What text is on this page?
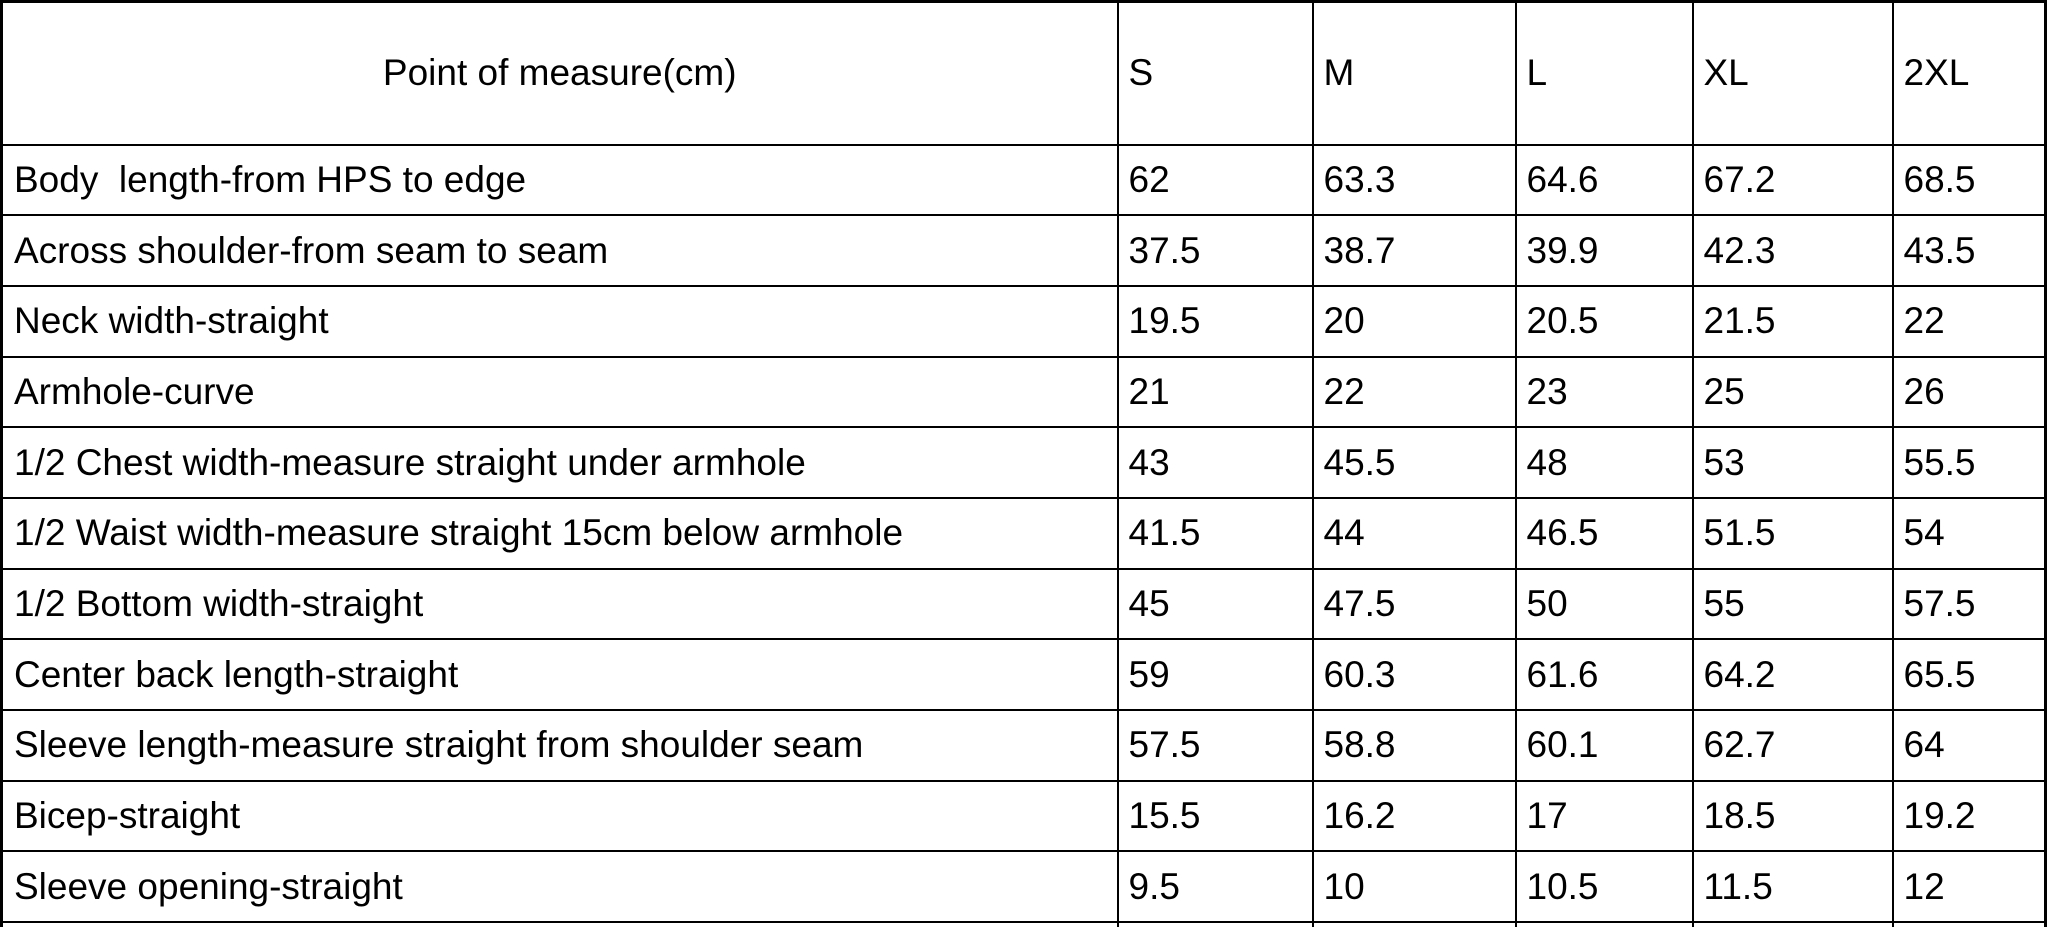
Point of measure(cm)	S	M	L	XL	2XL
Body  length-from HPS to edge	62	63.3	64.6	67.2	68.5
Across shoulder-from seam to seam	37.5	38.7	39.9	42.3	43.5
Neck width-straight	19.5	20	20.5	21.5	22
Armhole-curve	21	22	23	25	26
1/2 Chest width-measure straight under armhole	43	45.5	48	53	55.5
1/2 Waist width-measure straight 15cm below armhole	41.5	44	46.5	51.5	54
1/2 Bottom width-straight	45	47.5	50	55	57.5
Center back length-straight	59	60.3	61.6	64.2	65.5
Sleeve length-measure straight from shoulder seam	57.5	58.8	60.1	62.7	64
Bicep-straight	15.5	16.2	17	18.5	19.2
Sleeve opening-straight	9.5	10	10.5	11.5	12
